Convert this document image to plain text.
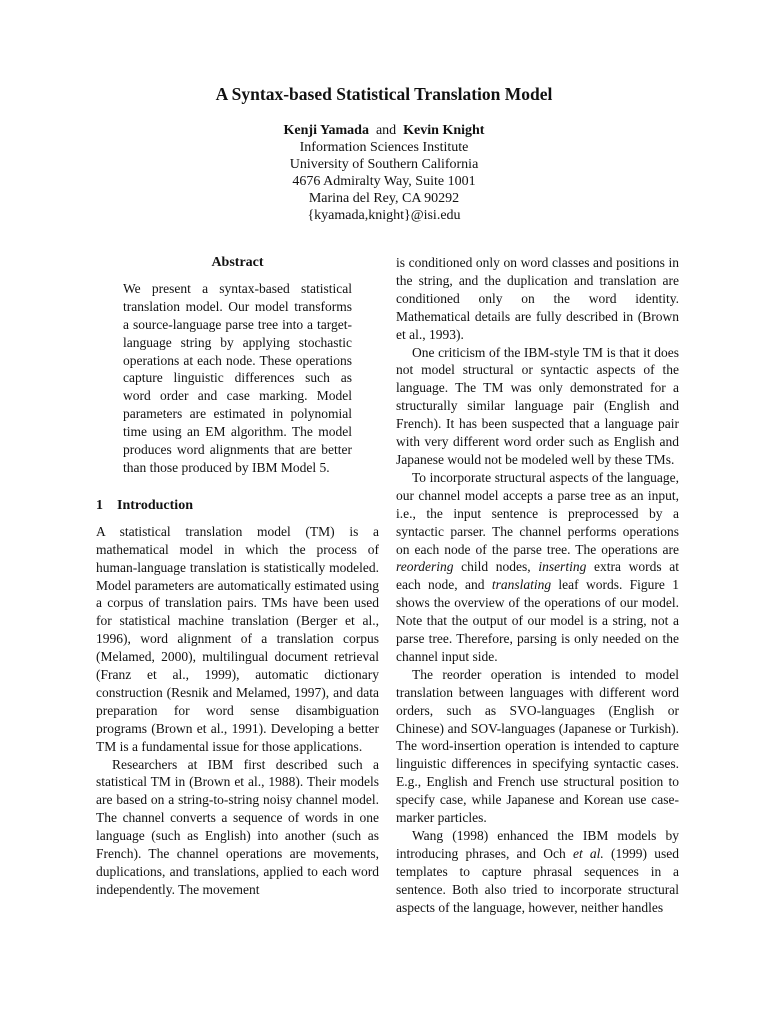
A Syntax-based Statistical Translation Model
Kenji Yamada and Kevin Knight
Information Sciences Institute
University of Southern California
4676 Admiralty Way, Suite 1001
Marina del Rey, CA 90292
{kyamada,knight}@isi.edu
Abstract

We present a syntax-based statistical translation model. Our model transforms a source-language parse tree into a target-language string by applying stochastic operations at each node. These operations capture linguistic differences such as word order and case marking. Model parameters are estimated in polynomial time using an EM algorithm. The model produces word alignments that are better than those produced by IBM Model 5.

1 Introduction

A statistical translation model (TM) is a mathematical model in which the process of human-language translation is statistically modeled. Model parameters are automatically estimated using a corpus of translation pairs. TMs have been used for statistical machine translation (Berger et al., 1996), word alignment of a translation corpus (Melamed, 2000), multilingual document retrieval (Franz et al., 1999), automatic dictionary construction (Resnik and Melamed, 1997), and data preparation for word sense disambiguation programs (Brown et al., 1991). Developing a better TM is a fundamental issue for those applications.

Researchers at IBM first described such a statistical TM in (Brown et al., 1988). Their models are based on a string-to-string noisy channel model. The channel converts a sequence of words in one language (such as English) into another (such as French). The channel operations are movements, duplications, and translations, applied to each word independently. The movement

is conditioned only on word classes and positions in the string, and the duplication and translation are conditioned only on the word identity. Mathematical details are fully described in (Brown et al., 1993).

One criticism of the IBM-style TM is that it does not model structural or syntactic aspects of the language. The TM was only demonstrated for a structurally similar language pair (English and French). It has been suspected that a language pair with very different word order such as English and Japanese would not be modeled well by these TMs.

To incorporate structural aspects of the language, our channel model accepts a parse tree as an input, i.e., the input sentence is preprocessed by a syntactic parser. The channel performs operations on each node of the parse tree. The operations are reordering child nodes, inserting extra words at each node, and translating leaf words. Figure 1 shows the overview of the operations of our model. Note that the output of our model is a string, not a parse tree. Therefore, parsing is only needed on the channel input side.

The reorder operation is intended to model translation between languages with different word orders, such as SVO-languages (English or Chinese) and SOV-languages (Japanese or Turkish). The word-insertion operation is intended to capture linguistic differences in specifying syntactic cases. E.g., English and French use structural position to specify case, while Japanese and Korean use case-marker particles.

Wang (1998) enhanced the IBM models by introducing phrases, and Och et al. (1999) used templates to capture phrasal sequences in a sentence. Both also tried to incorporate structural aspects of the language, however, neither handles
